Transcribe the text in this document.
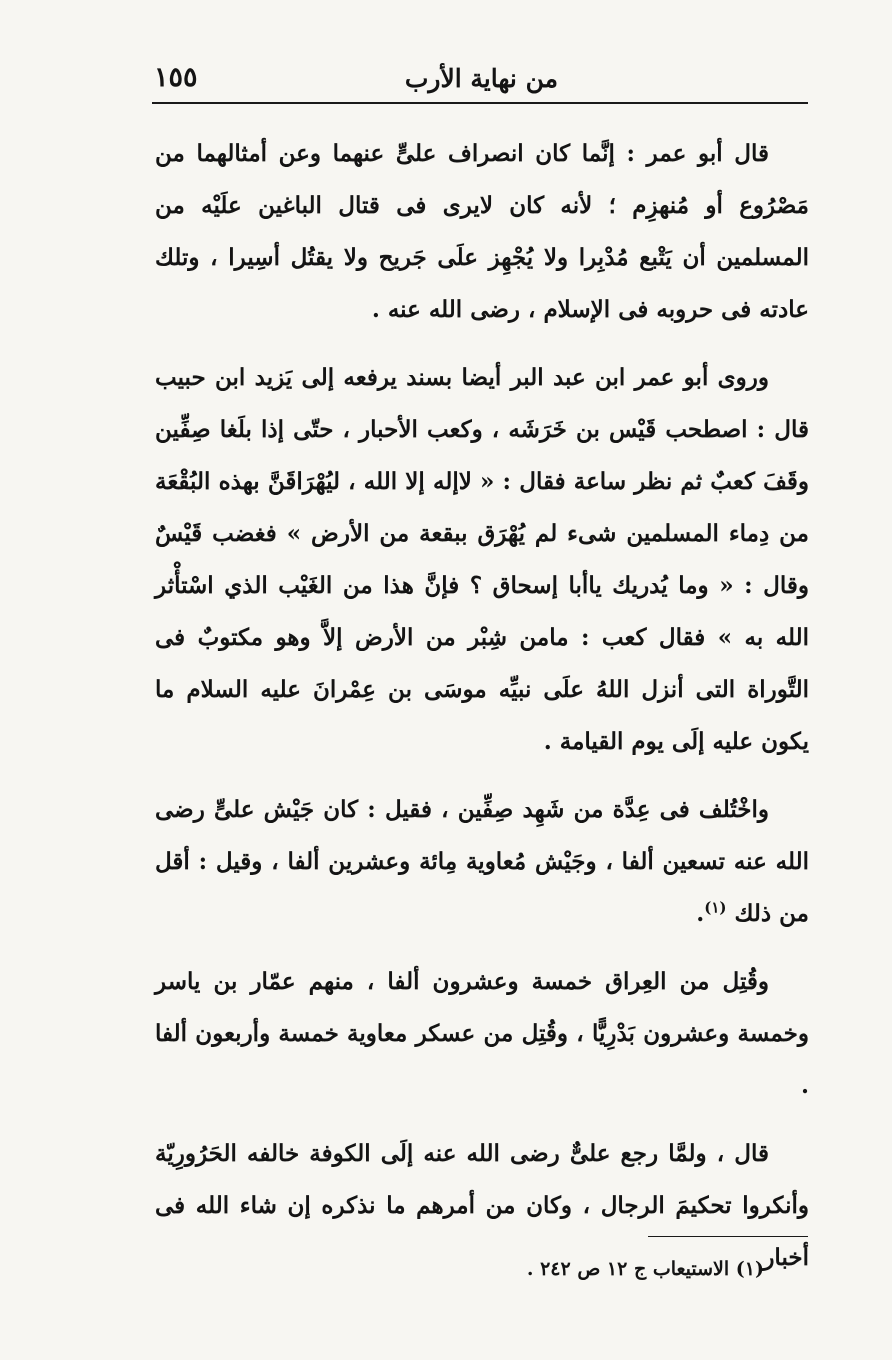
١٥٥	من نهاية الأرب

قال أبو عمر : إنَّما كان انصراف علىٍّ عنهما وعن أمثالهما من مَصْرُوع أو مُنهزِم ؛ لأنه كان لايرى فى قتال الباغين علَيْه من المسلمين أن يَتْبع مُدْبِرا ولا يُجْهِز علَى جَريح ولا يقتُل أسِيرا ، وتلك عادته فى حروبه فى الإسلام ، رضى الله عنه .

وروى أبو عمر ابن عبد البر أيضا بسند يرفعه إلى يَزيد ابن حبيب قال : اصطحب قَيْس بن خَرَشَه ، وكعب الأحبار ، حتّى إذا بلَغا صِفِّين وقَفَ كعبٌ ثم نظر ساعة فقال : « لاإله إلا الله ، ليُهْرَاقَنَّ بهذه البُقْعَة من دِماء المسلمين شىء لم يُهْرَق ببقعة من الأرض » فغضب قَيْسٌ وقال : « وما يُدريك ياأبا إسحاق ؟ فإنَّ هذا من الغَيْب الذي اسْتأْثر الله به » فقال كعب : مامن شِبْر من الأرض إلاَّ وهو مكتوبٌ فى التَّوراة التى أنزل اللهُ علَى نبيِّه موسَى بن عِمْرانَ عليه السلام ما يكون عليه إلَى يوم القيامة .

واخْتُلف فى عِدَّة من شَهِد صِفِّين ، فقيل : كان جَيْش علىٍّ رضى الله عنه تسعين ألفا ، وجَيْش مُعاوية مِائة وعشرين ألفا ، وقيل : أقل من ذلك $^{(١)}$.

وقُتِل من العِراق خمسة وعشرون ألفا ، منهم عمّار بن ياسر وخمسة وعشرون بَدْرِيًّا ، وقُتِل من عسكر معاوية خمسة وأربعون ألفا .

قال ، ولمَّا رجع علىٌّ رضى الله عنه إلَى الكوفة خالفه الحَرُورِيّة وأنكروا تحكيمَ الرجال ، وكان من أمرهم ما نذكره إن شاء الله فى أخبار

(١) الاستيعاب ج ١٢ ص ٢٤٢ .
